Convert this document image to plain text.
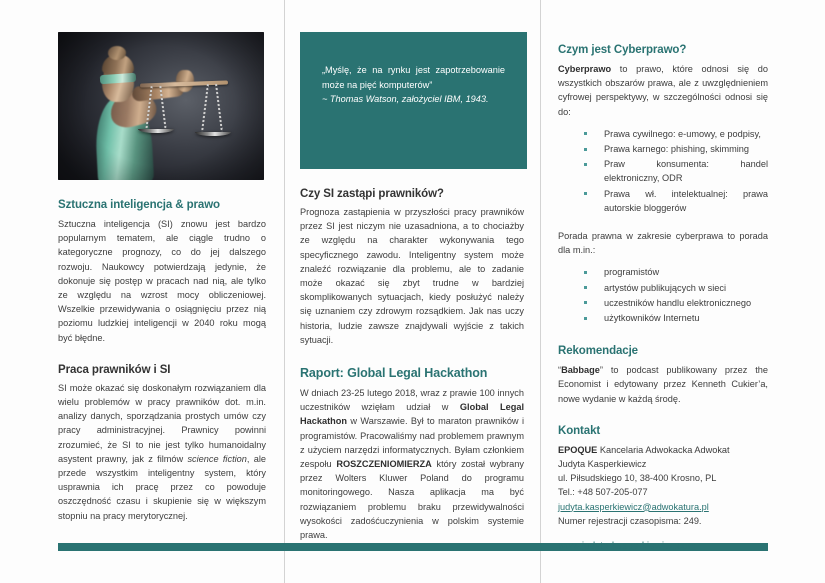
Sztuczna inteligencja & prawo

Sztuczna inteligencja (SI) znowu jest bardzo popularnym tematem, ale ciągle trudno o kategoryczne prognozy, co do jej dalszego rozwoju. Naukowcy potwierdzają jedynie, że dokonuje się postęp w pracach nad nią, ale tylko ze względu na wzrost mocy obliczeniowej. Wszelkie przewidywania o osiągnięciu przez nią poziomu ludzkiej inteligencji w 2040 roku mogą być błędne.

Praca prawników i SI

SI może okazać się doskonałym rozwiązaniem dla wielu problemów w pracy prawników dot. m.in. analizy danych, sporządzania prostych umów czy pracy administracyjnej. Prawnicy powinni zrozumieć, że SI to nie jest tylko humanoidalny asystent prawny, jak z filmów science fiction, ale przede wszystkim inteligentny system, który usprawnia ich pracę przez co powoduje oszczędność czasu i skupienie się w większym stopniu na pracy merytorycznej.

„Myślę, że na rynku jest zapotrzebowanie może na pięć komputerów”

~ Thomas Watson, założyciel IBM, 1943.

Czy SI zastąpi prawników?

Prognoza zastąpienia w przyszłości pracy prawników przez SI jest niczym nie uzasadniona, a to chociażby ze względu na charakter wykonywania tego specyficznego zawodu. Inteligentny system może znaleźć rozwiązanie dla problemu, ale to zadanie może okazać się zbyt trudne w bardziej skomplikowanych sytuacjach, kiedy posłużyć należy się uznaniem czy zdrowym rozsądkiem. Jak nas uczy historia, ludzie zawsze znajdywali wyjście z takich sytuacji.

Raport: Global Legal Hackathon

W dniach 23-25 lutego 2018, wraz z prawie 100 innych uczestników wzięłam udział w Global Legal Hackathon w Warszawie. Był to maraton prawników i programistów. Pracowaliśmy nad problemem prawnym z użyciem narzędzi informatycznych. Byłam członkiem zespołu ROSZCZENIOMIERZA który został wybrany przez Wolters Kluwer Poland do programu monitoringowego. Nasza aplikacja ma być rozwiązaniem problemu braku przewidywalności wysokości zadośćuczynienia w polskim systemie prawa.

Czym jest Cyberprawo?

Cyberprawo to prawo, które odnosi się do wszystkich obszarów prawa, ale z uwzględnieniem cyfrowej perspektywy, w szczególności odnosi się do:

Prawa cywilnego: e-umowy, e podpisy,
Prawa karnego: phishing, skimming
Praw konsumenta: handel elektroniczny, ODR
Prawa wł. intelektualnej: prawa autorskie bloggerów

Porada prawna w zakresie cyberprawa to porada dla m.in.:

programistów
artystów publikujących w sieci
uczestników handlu elektronicznego
użytkowników Internetu
Rekomendacje

“Babbage” to podcast publikowany przez the Economist i edytowany przez Kenneth Cukier’a, nowe wydanie w każdą środę.

Kontakt

EPOQUE Kancelaria Adwokacka Adwokat

Judyta Kasperkiewicz

ul. Piłsudskiego 10, 38-400 Krosno, PL

Tel.: +48 507-205-077

judyta.kasperkiewicz@adwokatura.pl

Numer rejestracji czasopisma: 249.

www.judyta-kasperkiewicz.com
